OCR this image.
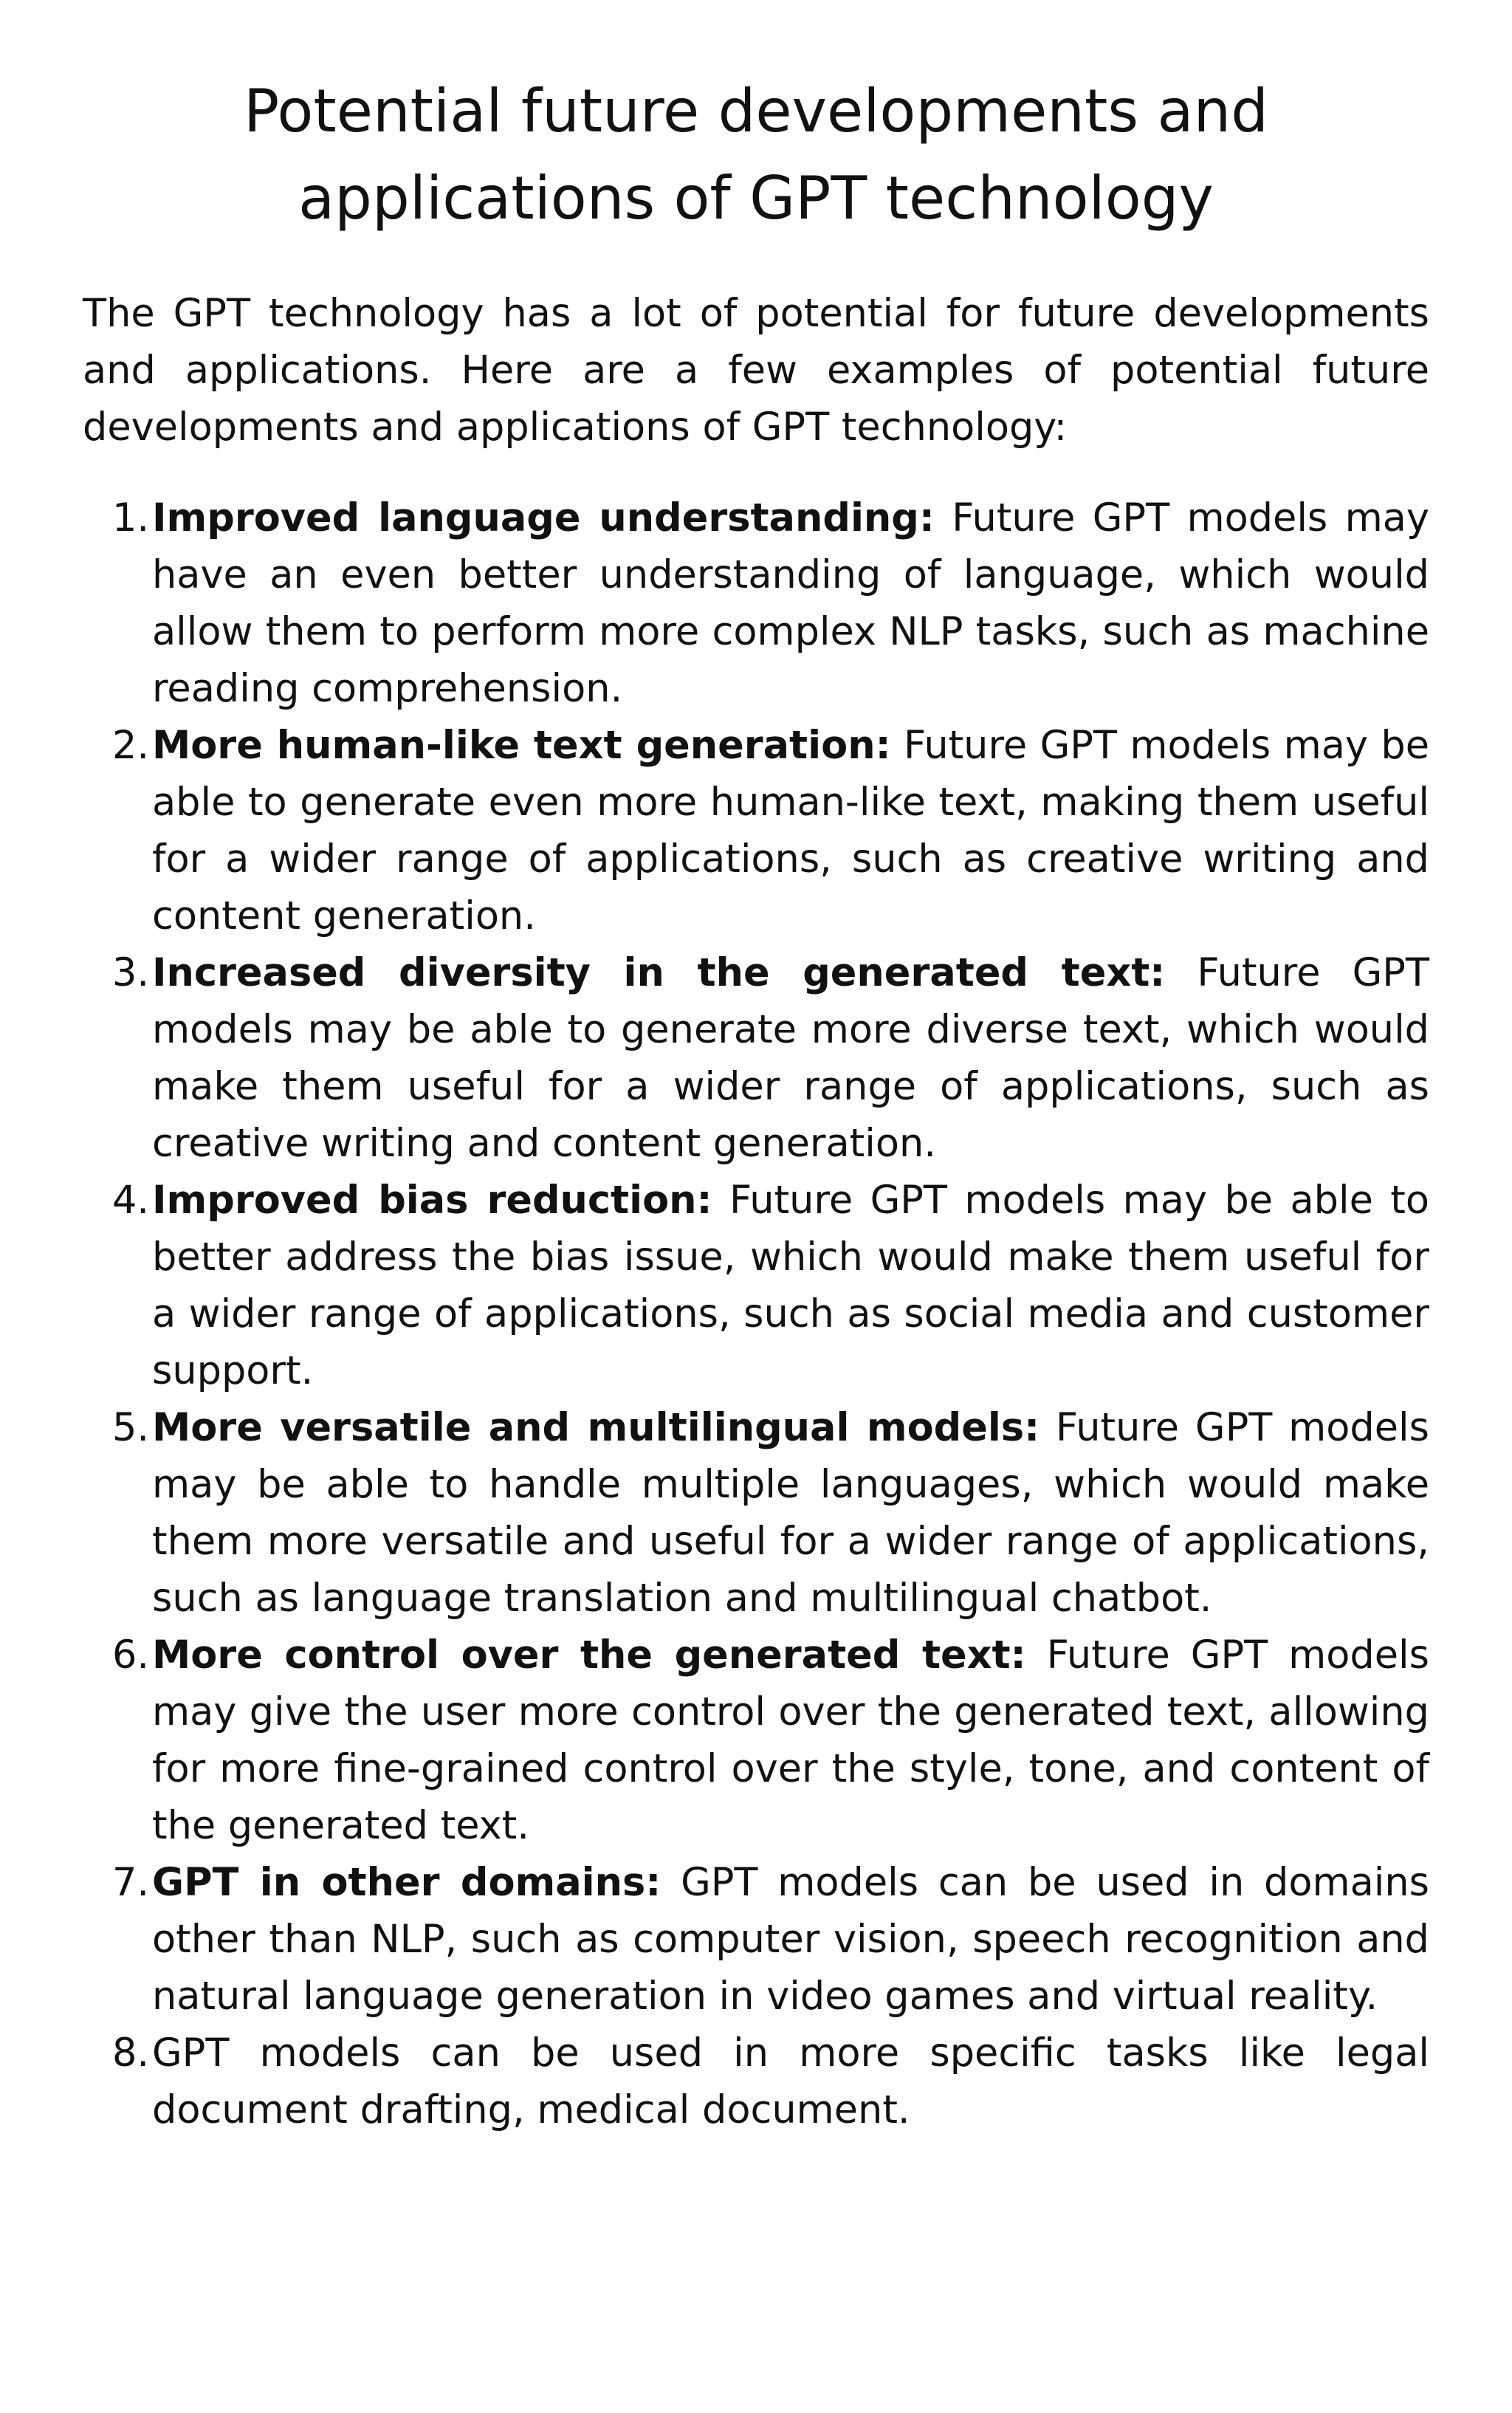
Potential future developments and applications of GPT technology

The GPT technology has a lot of potential for future developments and applications. Here are a few examples of potential future developments and applications of GPT technology:

1. Improved language understanding: Future GPT models may have an even better understanding of language, which would allow them to perform more complex NLP tasks, such as machine reading comprehension.
2. More human-like text generation: Future GPT models may be able to generate even more human-like text, making them useful for a wider range of applications, such as creative writing and content generation.
3. Increased diversity in the generated text: Future GPT models may be able to generate more diverse text, which would make them useful for a wider range of applications, such as creative writing and content generation.
4. Improved bias reduction: Future GPT models may be able to better address the bias issue, which would make them useful for a wider range of applications, such as social media and customer support.
5. More versatile and multilingual models: Future GPT models may be able to handle multiple languages, which would make them more versatile and useful for a wider range of applications, such as language translation and multilingual chatbot.
6. More control over the generated text: Future GPT models may give the user more control over the generated text, allowing for more fine-grained control over the style, tone, and content of the generated text.
7. GPT in other domains: GPT models can be used in domains other than NLP, such as computer vision, speech recognition and natural language generation in video games and virtual reality.
8. GPT models can be used in more specific tasks like legal document drafting, medical document.
